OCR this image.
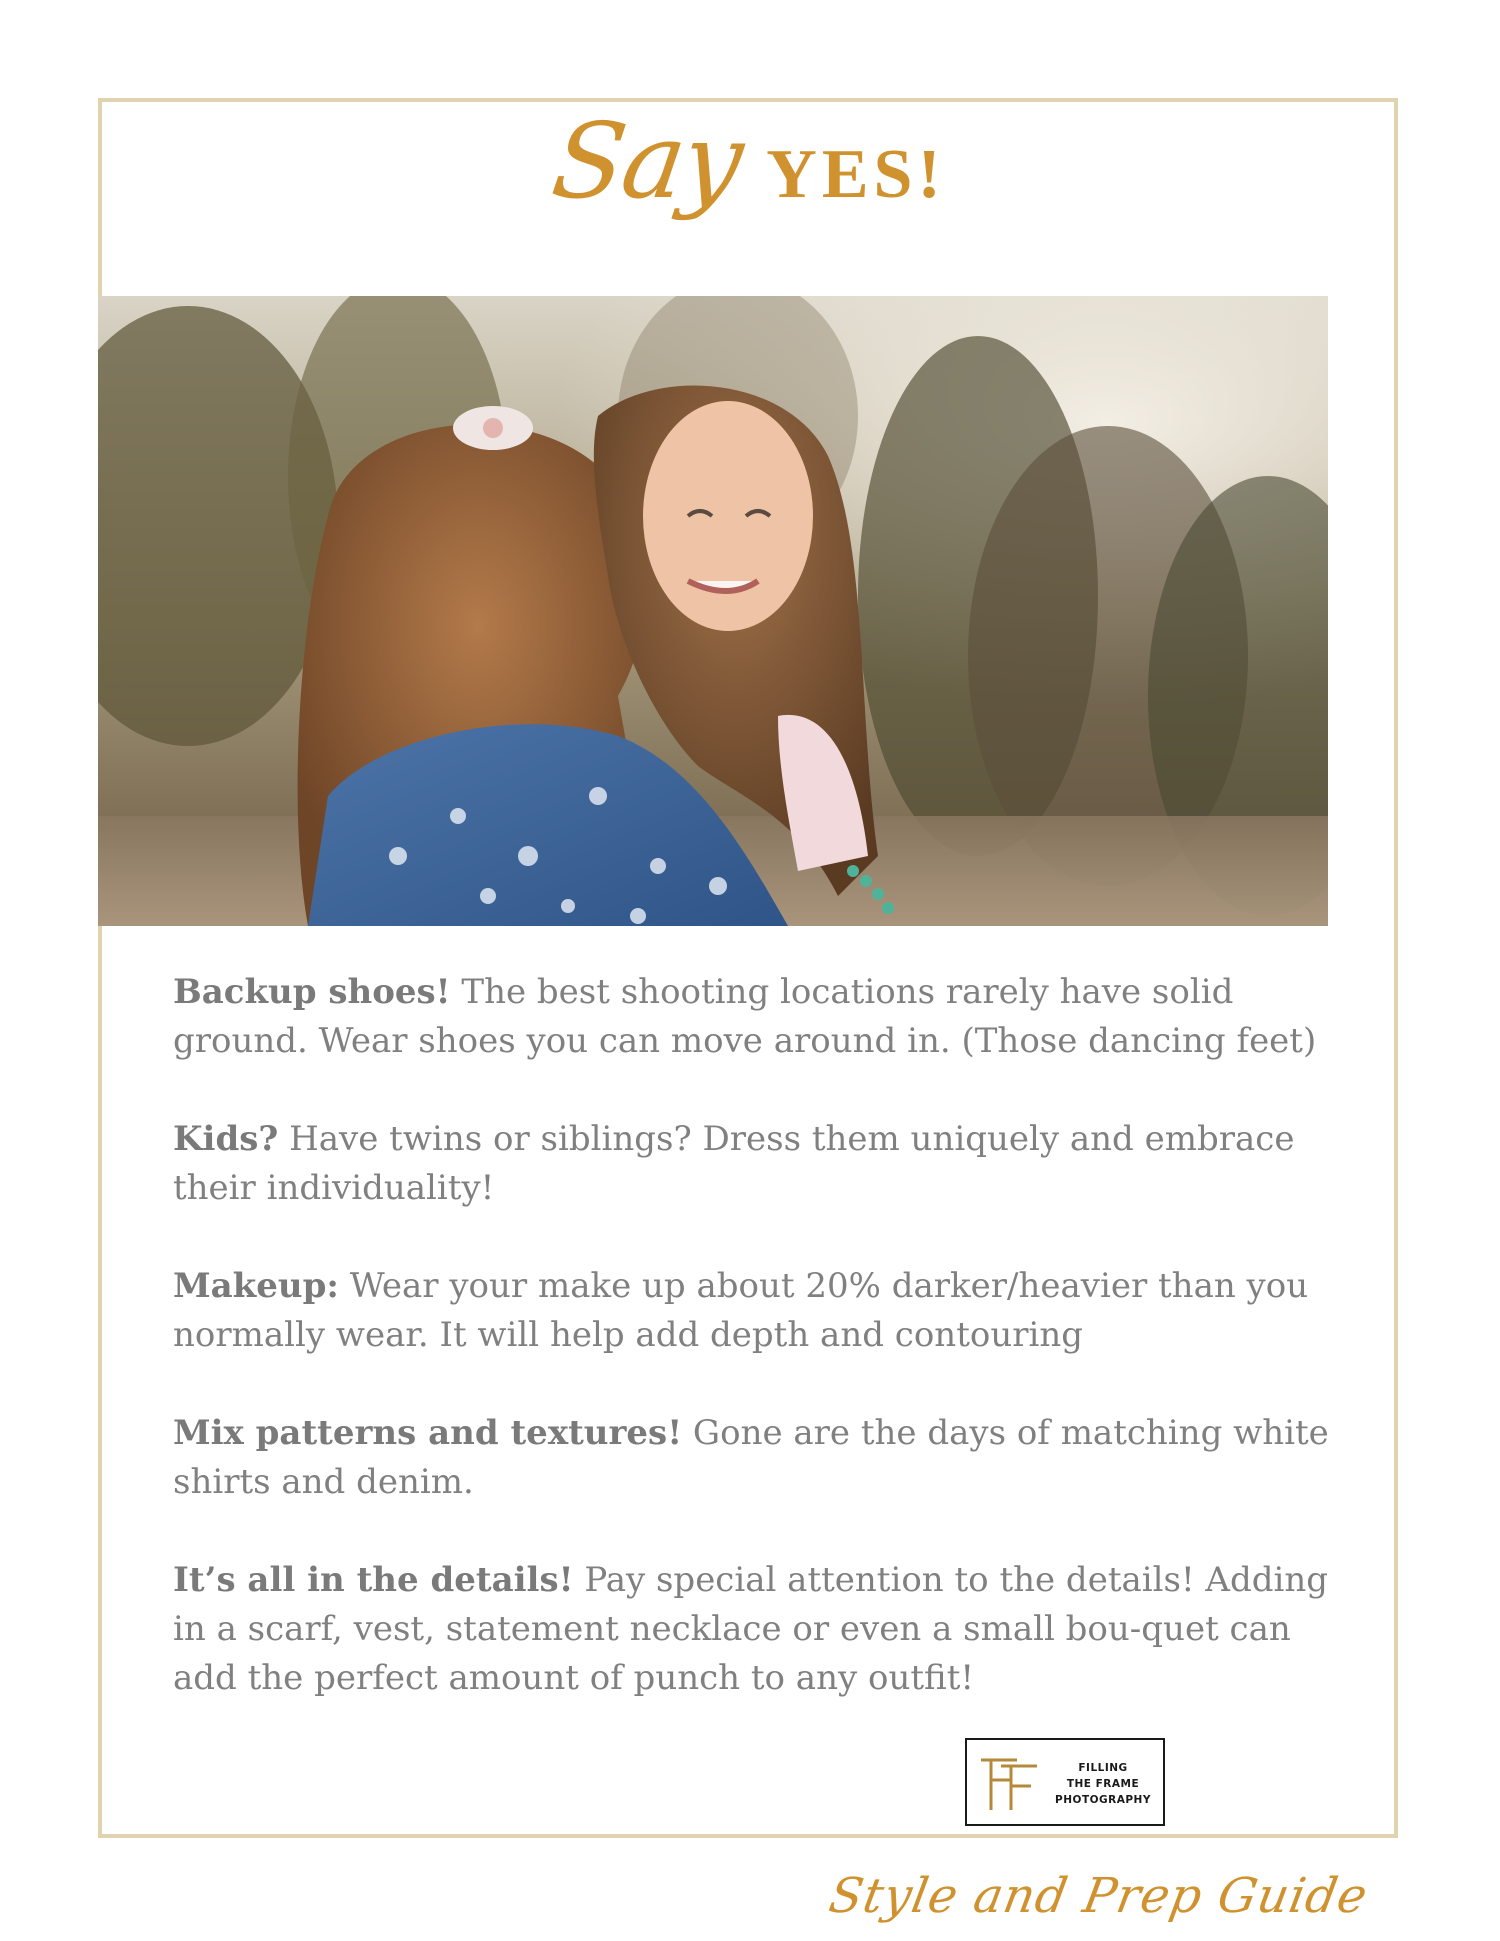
Say YES!

Backup shoes! The best shooting locations rarely have solid ground. Wear shoes you can move around in. (Those dancing feet)

Kids? Have twins or siblings? Dress them uniquely and embrace their individuality!

Makeup: Wear your make up about 20% darker/heavier than you normally wear. It will help add depth and contouring

Mix patterns and textures! Gone are the days of matching white shirts and denim.

It’s all in the details! Pay special attention to the details! Adding in a scarf, vest, statement necklace or even a small bou-quet can add the perfect amount of punch to any outfit!

FILLING
THE FRAME
PHOTOGRAPHY
Style and Prep Guide
